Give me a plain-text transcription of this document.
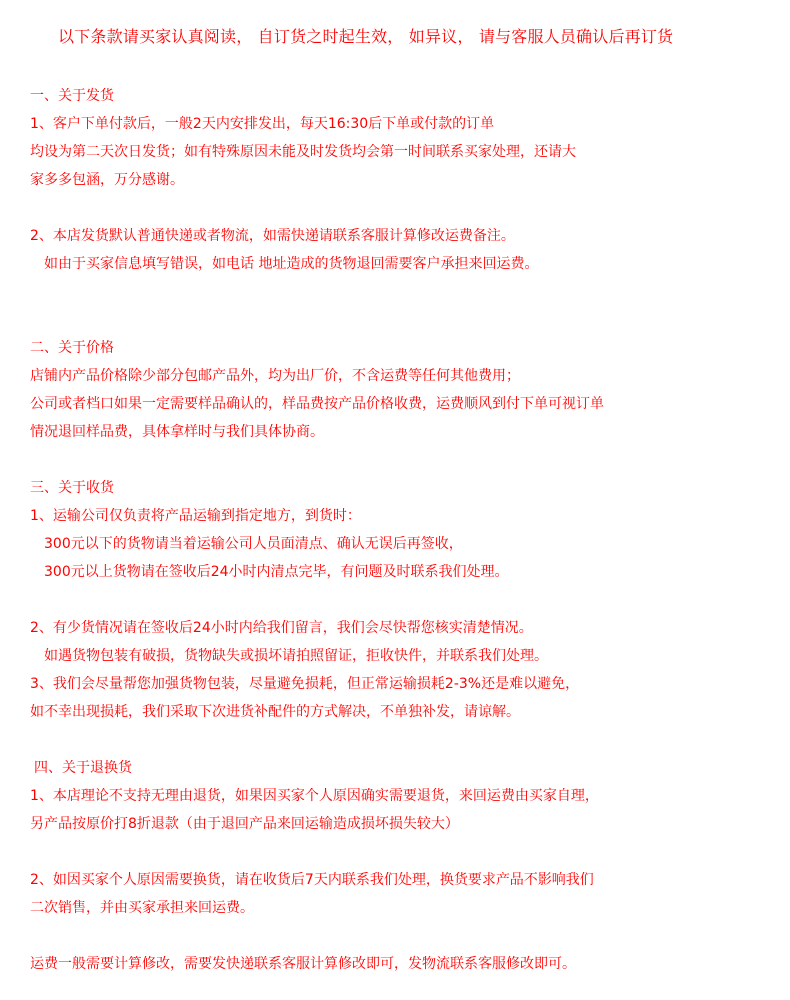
以下条款请买家认真阅读， 自订货之时起生效， 如异议， 请与客服人员确认后再订货
一、关于发货
1、客户下单付款后，一般2天内安排发出，每天16:30后下单或付款的订单
均设为第二天次日发货；如有特殊原因未能及时发货均会第一时间联系买家处理，还请大
家多多包涵，万分感谢。
2、本店发货默认普通快递或者物流，如需快递请联系客服计算修改运费备注。
如由于买家信息填写错误，如电话 地址造成的货物退回需要客户承担来回运费。
二、关于价格
店铺内产品价格除少部分包邮产品外，均为出厂价，不含运费等任何其他费用；
公司或者档口如果一定需要样品确认的，样品费按产品价格收费，运费顺风到付下单可视订单
情况退回样品费，具体拿样时与我们具体协商。
三、关于收货
1、运输公司仅负责将产品运输到指定地方，到货时：
300元以下的货物请当着运输公司人员面清点、确认无误后再签收，
300元以上货物请在签收后24小时内清点完毕，有问题及时联系我们处理。
2、有少货情况请在签收后24小时内给我们留言，我们会尽快帮您核实清楚情况。
如遇货物包装有破损，货物缺失或损坏请拍照留证，拒收快件，并联系我们处理。
3、我们会尽量帮您加强货物包装，尽量避免损耗，但正常运输损耗2-3%还是难以避免，
如不幸出现损耗，我们采取下次进货补配件的方式解决，不单独补发，请谅解。
四、关于退换货
1、本店理论不支持无理由退货，如果因买家个人原因确实需要退货，来回运费由买家自理，
另产品按原价打8折退款（由于退回产品来回运输造成损坏损失较大）
2、如因买家个人原因需要换货，请在收货后7天内联系我们处理，换货要求产品不影响我们
二次销售，并由买家承担来回运费。
运费一般需要计算修改，需要发快递联系客服计算修改即可，发物流联系客服修改即可。
